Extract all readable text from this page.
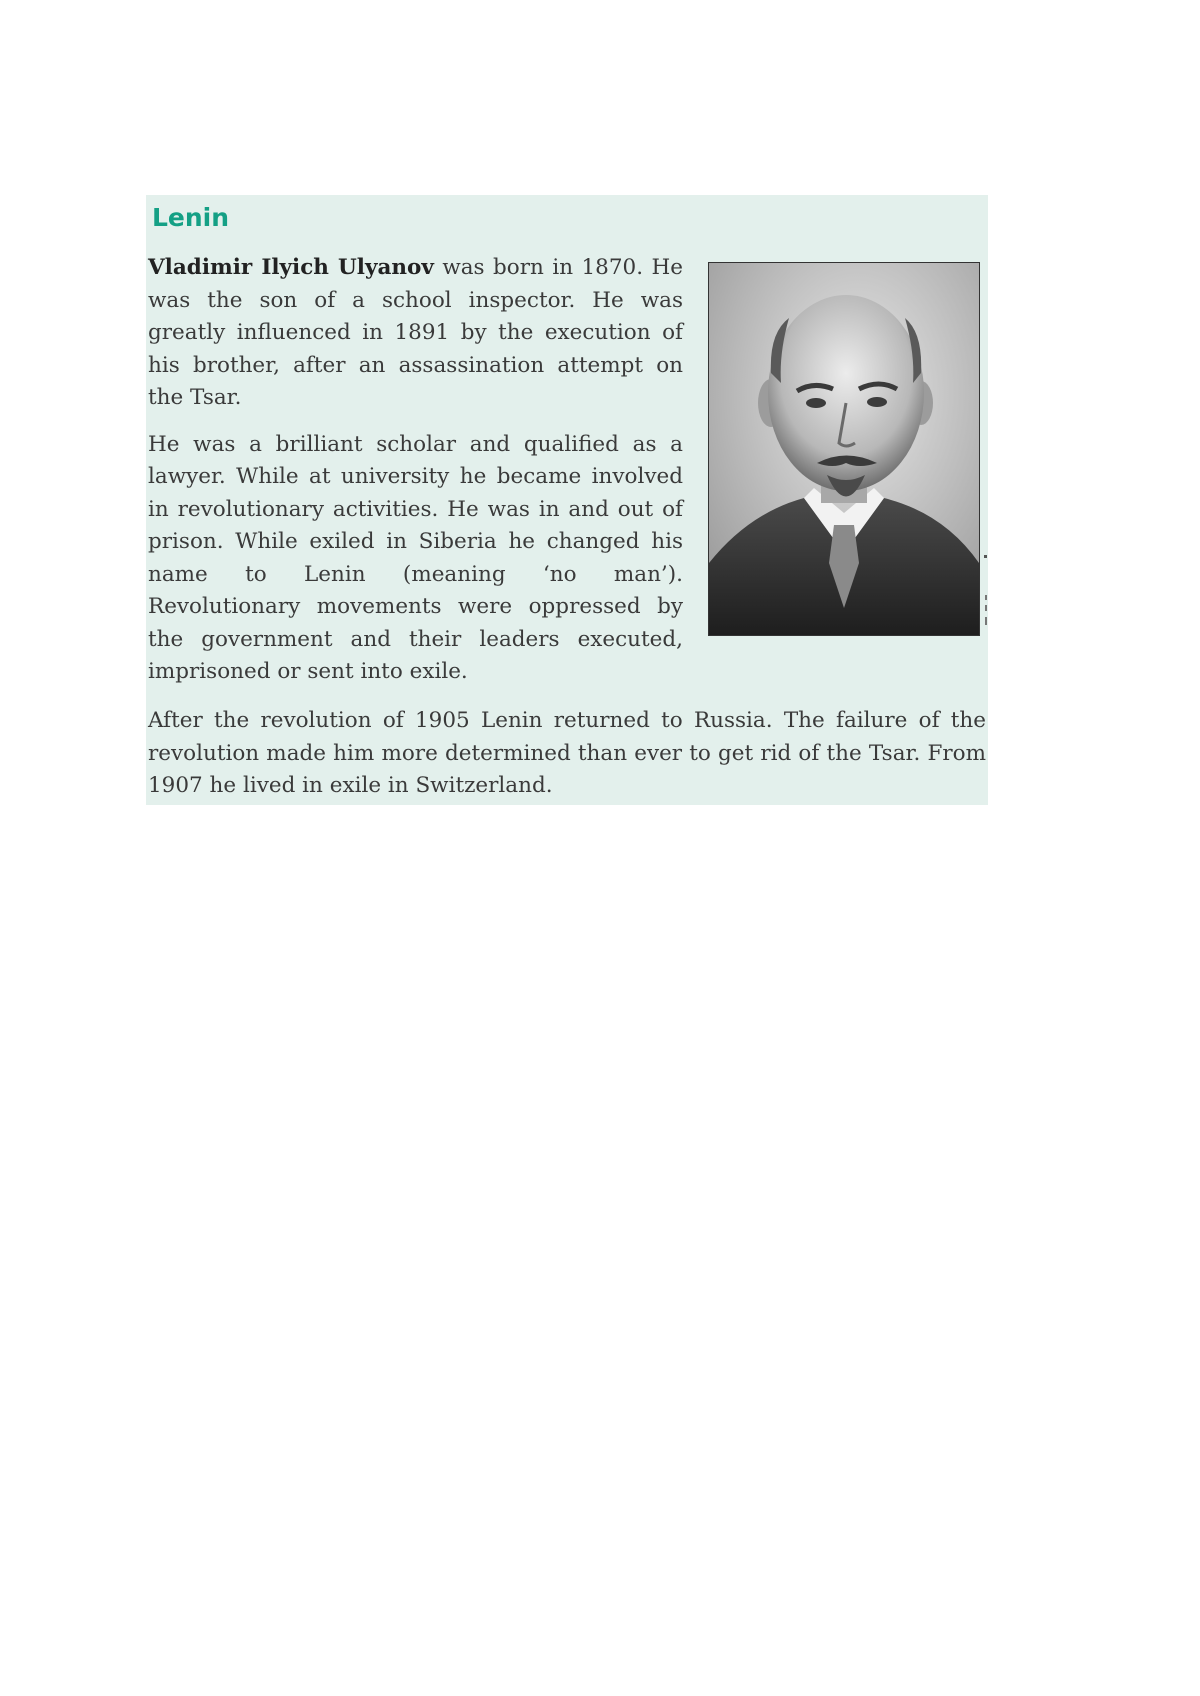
Lenin

Vladimir Ilyich Ulyanov was born in 1870. He was the son of a school inspector. He was greatly influenced in 1891 by the execution of his brother, after an assassination attempt on the Tsar.

He was a brilliant scholar and qualified as a lawyer. While at university he became involved in revolutionary activities. He was in and out of prison. While exiled in Siberia he changed his name to Lenin (meaning ‘no man’). Revolutionary movements were oppressed by the government and their leaders executed, imprisoned or sent into exile.

After the revolution of 1905 Lenin returned to Russia. The failure of the revolution made him more determined than ever to get rid of the Tsar. From 1907 he lived in exile in Switzerland.
